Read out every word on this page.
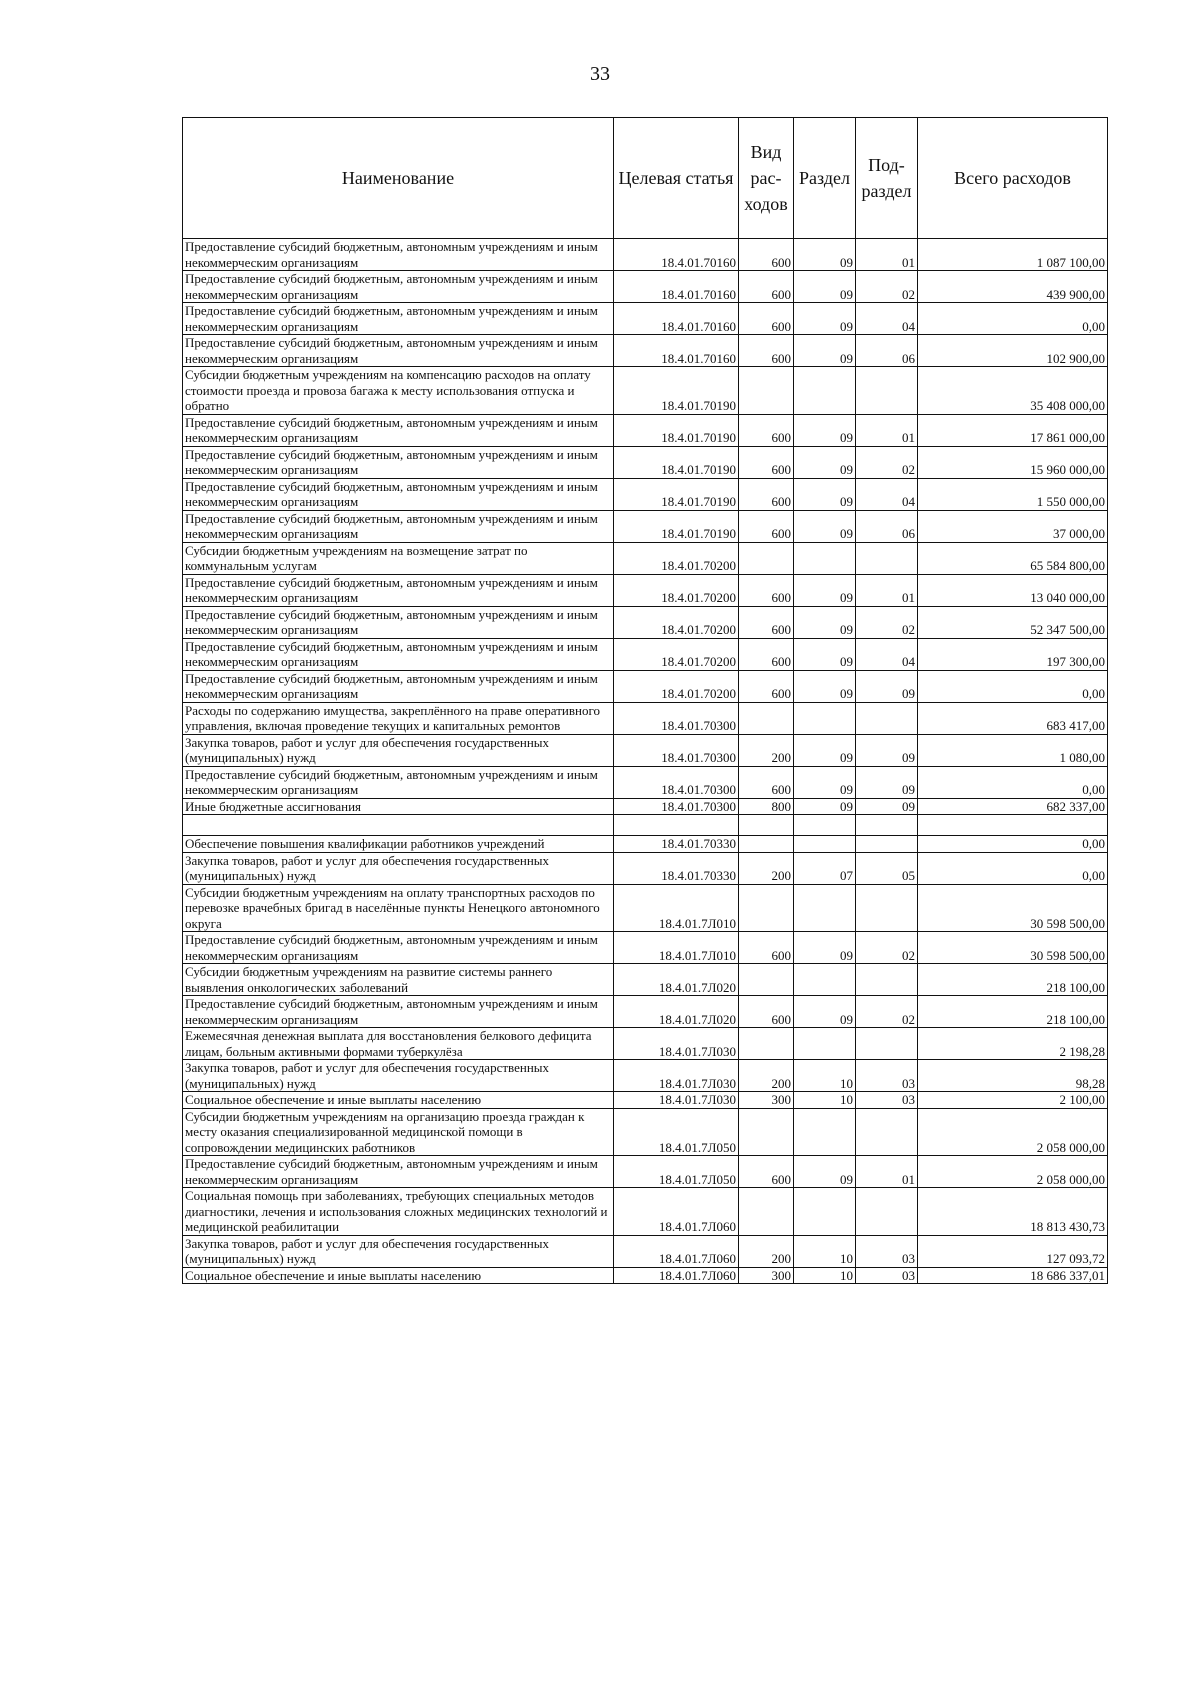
33
Наименование	Целевая статья	Вид рас-ходов	Раздел	Под-раздел	Всего расходов
Предоставление субсидий бюджетным, автономным учреждениям и иным некоммерческим организациям	18.4.01.70160	600	09	01	1 087 100,00
Предоставление субсидий бюджетным, автономным учреждениям и иным некоммерческим организациям	18.4.01.70160	600	09	02	439 900,00
Предоставление субсидий бюджетным, автономным учреждениям и иным некоммерческим организациям	18.4.01.70160	600	09	04	0,00
Предоставление субсидий бюджетным, автономным учреждениям и иным некоммерческим организациям	18.4.01.70160	600	09	06	102 900,00
Субсидии бюджетным учреждениям на компенсацию расходов на оплату стоимости проезда и провоза багажа к месту использования отпуска и обратно	18.4.01.70190				35 408 000,00
Предоставление субсидий бюджетным, автономным учреждениям и иным некоммерческим организациям	18.4.01.70190	600	09	01	17 861 000,00
Предоставление субсидий бюджетным, автономным учреждениям и иным некоммерческим организациям	18.4.01.70190	600	09	02	15 960 000,00
Предоставление субсидий бюджетным, автономным учреждениям и иным некоммерческим организациям	18.4.01.70190	600	09	04	1 550 000,00
Предоставление субсидий бюджетным, автономным учреждениям и иным некоммерческим организациям	18.4.01.70190	600	09	06	37 000,00
Субсидии бюджетным учреждениям на возмещение затрат по коммунальным услугам	18.4.01.70200				65 584 800,00
Предоставление субсидий бюджетным, автономным учреждениям и иным некоммерческим организациям	18.4.01.70200	600	09	01	13 040 000,00
Предоставление субсидий бюджетным, автономным учреждениям и иным некоммерческим организациям	18.4.01.70200	600	09	02	52 347 500,00
Предоставление субсидий бюджетным, автономным учреждениям и иным некоммерческим организациям	18.4.01.70200	600	09	04	197 300,00
Предоставление субсидий бюджетным, автономным учреждениям и иным некоммерческим организациям	18.4.01.70200	600	09	09	0,00
Расходы по содержанию имущества, закреплённого на праве оперативного управления, включая проведение текущих и капитальных ремонтов	18.4.01.70300				683 417,00
Закупка товаров, работ и услуг для обеспечения государственных (муниципальных) нужд	18.4.01.70300	200	09	09	1 080,00
Предоставление субсидий бюджетным, автономным учреждениям и иным некоммерческим организациям	18.4.01.70300	600	09	09	0,00
Иные бюджетные ассигнования	18.4.01.70300	800	09	09	682 337,00

Обеспечение повышения квалификации работников учреждений	18.4.01.70330				0,00
Закупка товаров, работ и услуг для обеспечения государственных (муниципальных) нужд	18.4.01.70330	200	07	05	0,00
Субсидии бюджетным учреждениям на оплату транспортных расходов по перевозке врачебных бригад в населённые пункты Ненецкого автономного округа	18.4.01.7Л010				30 598 500,00
Предоставление субсидий бюджетным, автономным учреждениям и иным некоммерческим организациям	18.4.01.7Л010	600	09	02	30 598 500,00
Субсидии бюджетным учреждениям на развитие системы раннего выявления онкологических заболеваний	18.4.01.7Л020				218 100,00
Предоставление субсидий бюджетным, автономным учреждениям и иным некоммерческим организациям	18.4.01.7Л020	600	09	02	218 100,00
Ежемесячная денежная выплата для восстановления белкового дефицита лицам, больным активными формами туберкулёза	18.4.01.7Л030				2 198,28
Закупка товаров, работ и услуг для обеспечения государственных (муниципальных) нужд	18.4.01.7Л030	200	10	03	98,28
Социальное обеспечение и иные выплаты населению	18.4.01.7Л030	300	10	03	2 100,00
Субсидии бюджетным учреждениям на организацию проезда граждан к месту оказания специализированной медицинской помощи в сопровождении медицинских работников	18.4.01.7Л050				2 058 000,00
Предоставление субсидий бюджетным, автономным учреждениям и иным некоммерческим организациям	18.4.01.7Л050	600	09	01	2 058 000,00
Социальная помощь при заболеваниях, требующих специальных методов диагностики, лечения и использования сложных медицинских технологий и медицинской реабилитации	18.4.01.7Л060				18 813 430,73
Закупка товаров, работ и услуг для обеспечения государственных (муниципальных) нужд	18.4.01.7Л060	200	10	03	127 093,72
Социальное обеспечение и иные выплаты населению	18.4.01.7Л060	300	10	03	18 686 337,01
